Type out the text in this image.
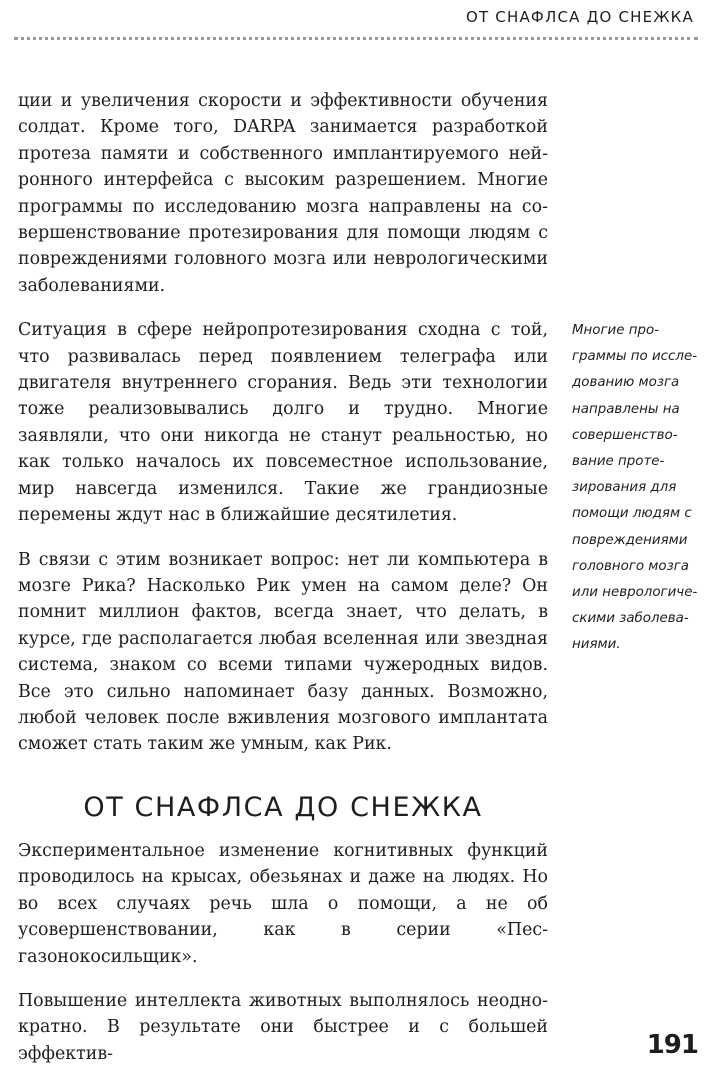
ОТ СНАФЛСА ДО СНЕЖКА

ции и увеличения скорости и эффективности обучения солдат. Кроме того, DARPA занимается разработкой протеза памяти и собственного имплантируемого нейронного интерфейса с высоким разрешением. Многие программы по исследованию мозга направлены на совершенствование протезирования для помощи людям с повреждениями головного мозга или неврологическими заболеваниями.

Ситуация в сфере нейропротезирования сходна с той, что развивалась перед появлением телеграфа или двигателя внутреннего сгорания. Ведь эти технологии тоже реализовывались долго и трудно. Многие заявляли, что они никогда не станут реальностью, но как только началось их повсеместное использование, мир навсегда изменился. Такие же грандиозные перемены ждут нас в ближайшие десятилетия.

В связи с этим возникает вопрос: нет ли компьютера в мозге Рика? Насколько Рик умен на самом деле? Он помнит миллион фактов, всегда знает, что делать, в курсе, где располагается любая вселенная или звездная система, знаком со всеми типами чужеродных видов. Все это сильно напоминает базу данных. Возможно, любой человек после вживления мозгового имплантата сможет стать таким же умным, как Рик.

Многие программы по исследованию мозга направлены на совершенствование протезирования для помощи людям с повреждениями головного мозга или неврологическими заболеваниями.
ОТ СНАФЛСА ДО СНЕЖКА

Экспериментальное изменение когнитивных функций проводилось на крысах, обезьянах и даже на людях. Но во всех случаях речь шла о помощи, а не об усовершенствовании, как в серии «Пес-газонокосильщик».

Повышение интеллекта животных выполнялось неоднократно. В результате они быстрее и с большей эффектив-	191
